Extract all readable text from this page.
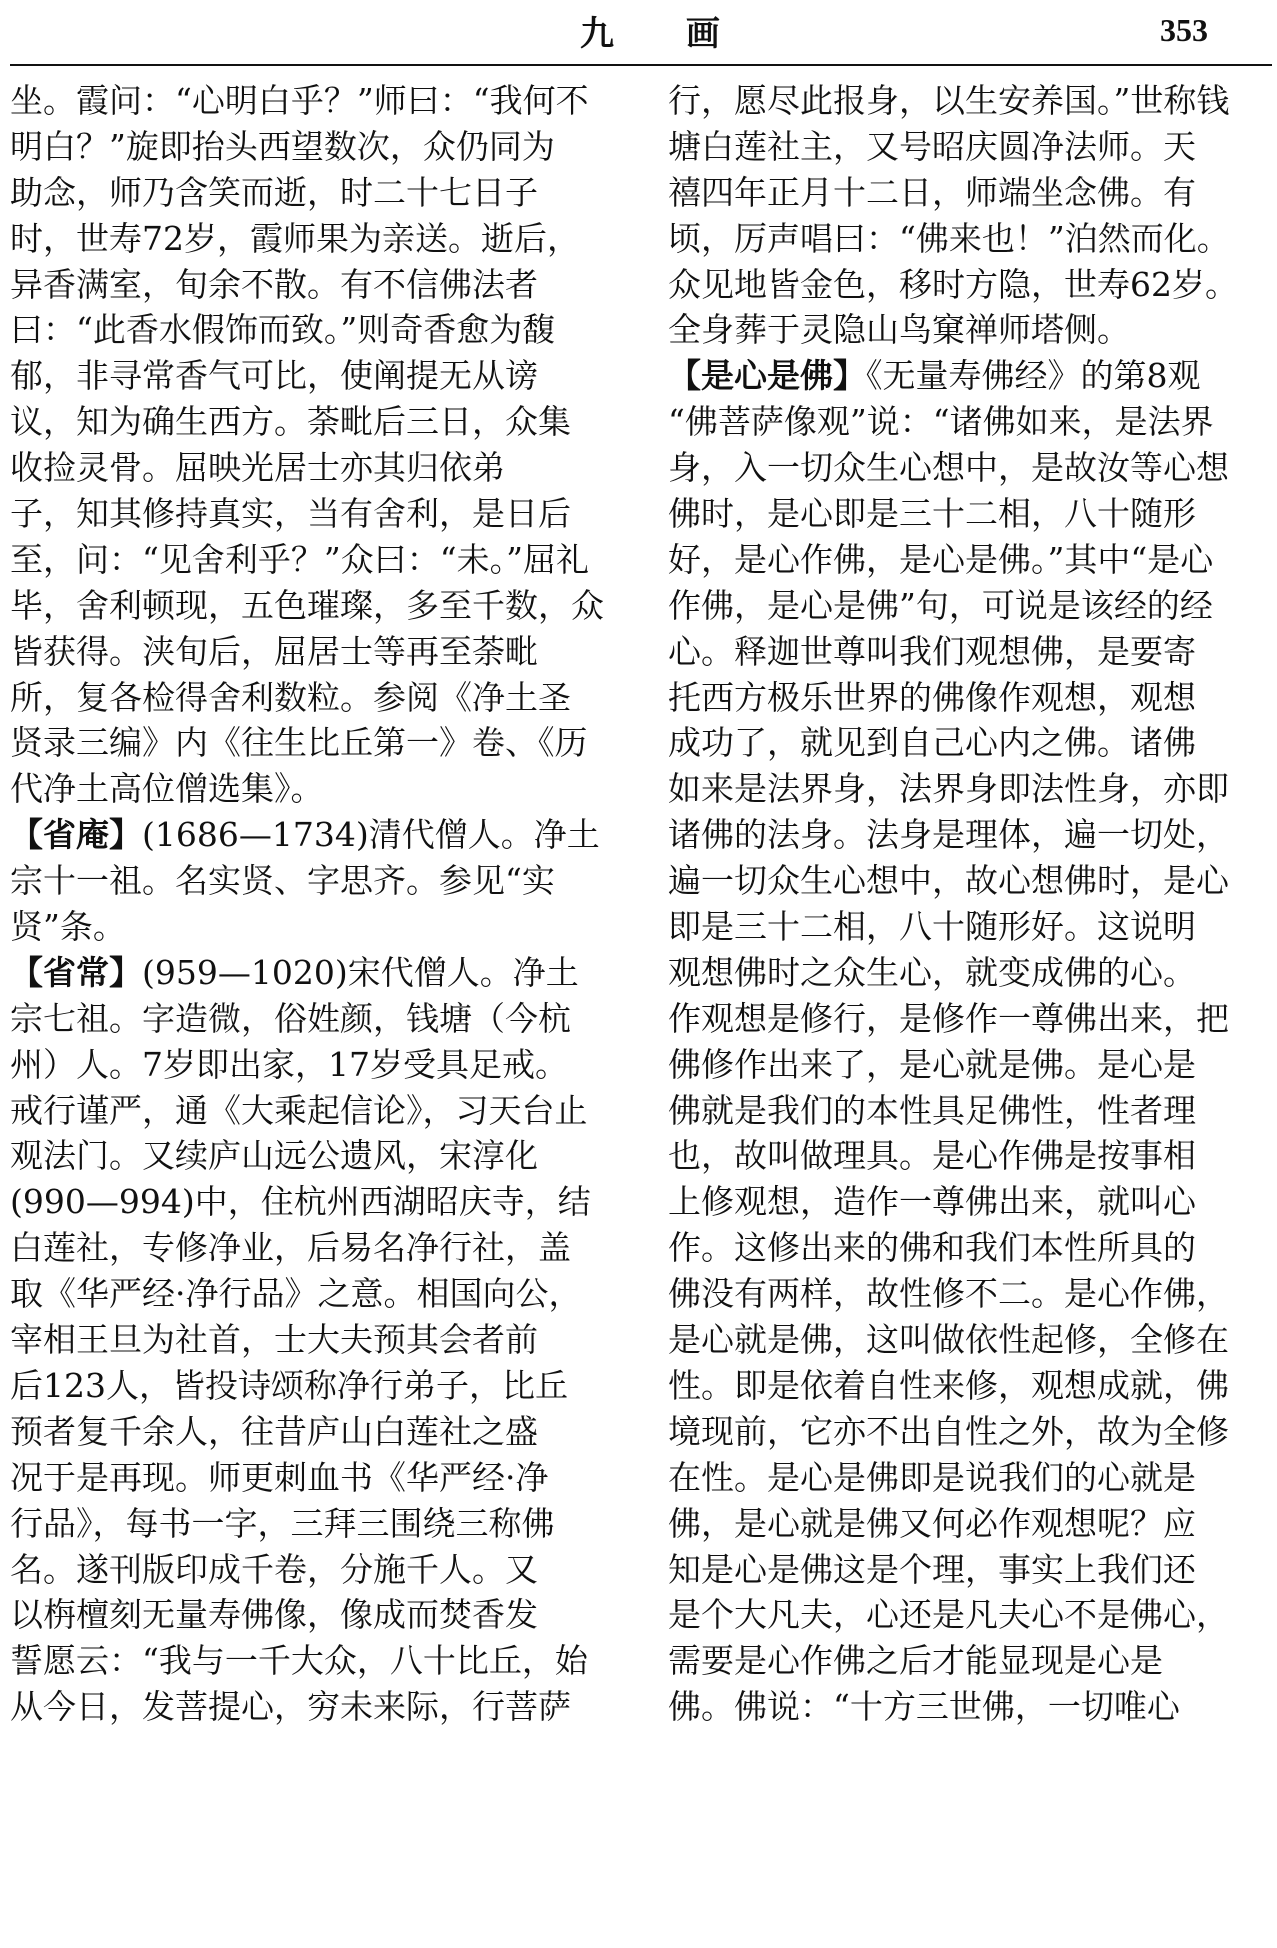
九 画	353
坐。霞问：“心明白乎？”师曰：“我何不
明白？”旋即抬头西望数次，众仍同为
助念，师乃含笑而逝，时二十七日子
时，世寿72岁，霞师果为亲送。逝后，
异香满室，旬余不散。有不信佛法者
曰：“此香水假饰而致。”则奇香愈为馥
郁，非寻常香气可比，使阐提无从谤
议，知为确生西方。荼毗后三日，众集
收捡灵骨。屈映光居士亦其归依弟
子，知其修持真实，当有舍利，是日后
至，问：“见舍利乎？”众曰：“未。”屈礼
毕，舍利顿现，五色璀璨，多至千数，众
皆获得。浃旬后，屈居士等再至荼毗
所，复各检得舍利数粒。参阅《净土圣
贤录三编》内《往生比丘第一》卷、《历
代净土高位僧选集》。
【省庵】(1686—1734)清代僧人。净土
宗十一祖。名实贤、字思齐。参见“实
贤”条。
【省常】(959—1020)宋代僧人。净土
宗七祖。字造微，俗姓颜，钱塘（今杭
州）人。7岁即出家，17岁受具足戒。
戒行谨严，通《大乘起信论》，习天台止
观法门。又续庐山远公遗风，宋淳化
(990—994)中，住杭州西湖昭庆寺，结
白莲社，专修净业，后易名净行社，盖
取《华严经·净行品》之意。相国向公，
宰相王旦为社首，士大夫预其会者前
后123人，皆投诗颂称净行弟子，比丘
预者复千余人，往昔庐山白莲社之盛
况于是再现。师更刺血书《华严经·净
行品》，每书一字，三拜三围绕三称佛
名。遂刊版印成千卷，分施千人。又
以栴檀刻无量寿佛像，像成而焚香发
誓愿云：“我与一千大众，八十比丘，始
从今日，发菩提心，穷未来际，行菩萨
行，愿尽此报身，以生安养国。”世称钱
塘白莲社主，又号昭庆圆净法师。天
禧四年正月十二日，师端坐念佛。有
顷，厉声唱曰：“佛来也！”泊然而化。
众见地皆金色，移时方隐，世寿62岁。
全身葬于灵隐山鸟窠禅师塔侧。
【是心是佛】《无量寿佛经》的第8观
“佛菩萨像观”说：“诸佛如来，是法界
身，入一切众生心想中，是故汝等心想
佛时，是心即是三十二相，八十随形
好，是心作佛，是心是佛。”其中“是心
作佛，是心是佛”句，可说是该经的经
心。释迦世尊叫我们观想佛，是要寄
托西方极乐世界的佛像作观想，观想
成功了，就见到自己心内之佛。诸佛
如来是法界身，法界身即法性身，亦即
诸佛的法身。法身是理体，遍一切处，
遍一切众生心想中，故心想佛时，是心
即是三十二相，八十随形好。这说明
观想佛时之众生心，就变成佛的心。
作观想是修行，是修作一尊佛出来，把
佛修作出来了，是心就是佛。是心是
佛就是我们的本性具足佛性，性者理
也，故叫做理具。是心作佛是按事相
上修观想，造作一尊佛出来，就叫心
作。这修出来的佛和我们本性所具的
佛没有两样，故性修不二。是心作佛，
是心就是佛，这叫做依性起修，全修在
性。即是依着自性来修，观想成就，佛
境现前，它亦不出自性之外，故为全修
在性。是心是佛即是说我们的心就是
佛，是心就是佛又何必作观想呢？应
知是心是佛这是个理，事实上我们还
是个大凡夫，心还是凡夫心不是佛心，
需要是心作佛之后才能显现是心是
佛。佛说：“十方三世佛，一切唯心
